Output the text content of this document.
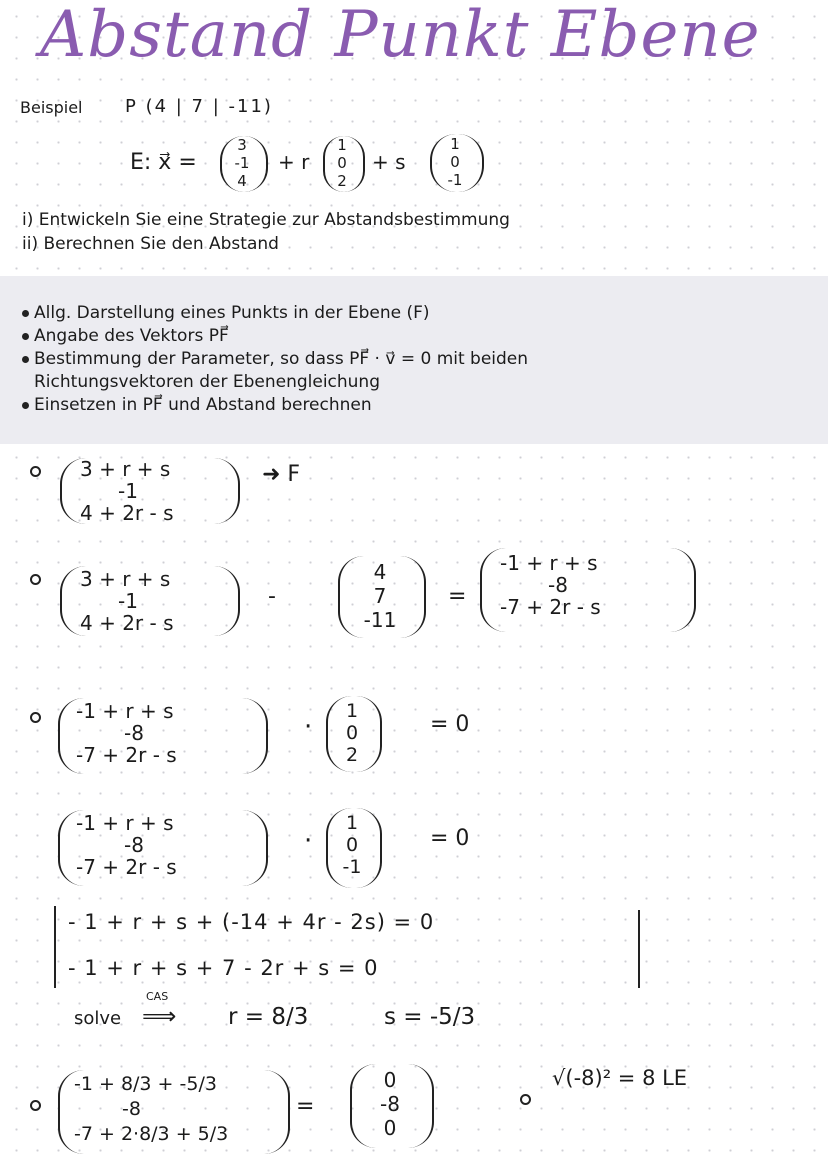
Abstand Punkt Ebene
Beispiel P (4 | 7 | -11)
E: x⃗ =
3
-1
4
+ r
1
0
2
+ s
1
0
-1
i) Entwickeln Sie eine Strategie zur Abstandsbestimmung
ii) Berechnen Sie den Abstand
Allg. Darstellung eines Punkts in der Ebene (F)
Angabe des Vektors PF⃗
Bestimmung der Parameter, so dass PF⃗ · v⃗ = 0 mit beiden
Richtungsvektoren der Ebenengleichung
Einsetzen in PF⃗ und Abstand berechnen
3 + r + s
-1
4 + 2r - s
➜ F
3 + r + s
-1
4 + 2r - s
-
4
7
-11
=
-1 + r + s
-8
-7 + 2r - s
-1 + r + s
-8
-7 + 2r - s
·
1
0
2
= 0
-1 + r + s
-8
-7 + 2r - s
·
1
0
-1
= 0
- 1 + r + s + (-14 + 4r - 2s) = 0
- 1 + r + s + 7 - 2r + s = 0
solve
CAS
⟹ r = 8/3	s = -5/3
-1 + 8/3 + -5/3
-8
-7 + 2·8/3 + 5/3
=
0
-8
0
√(-8)² = 8 LE
